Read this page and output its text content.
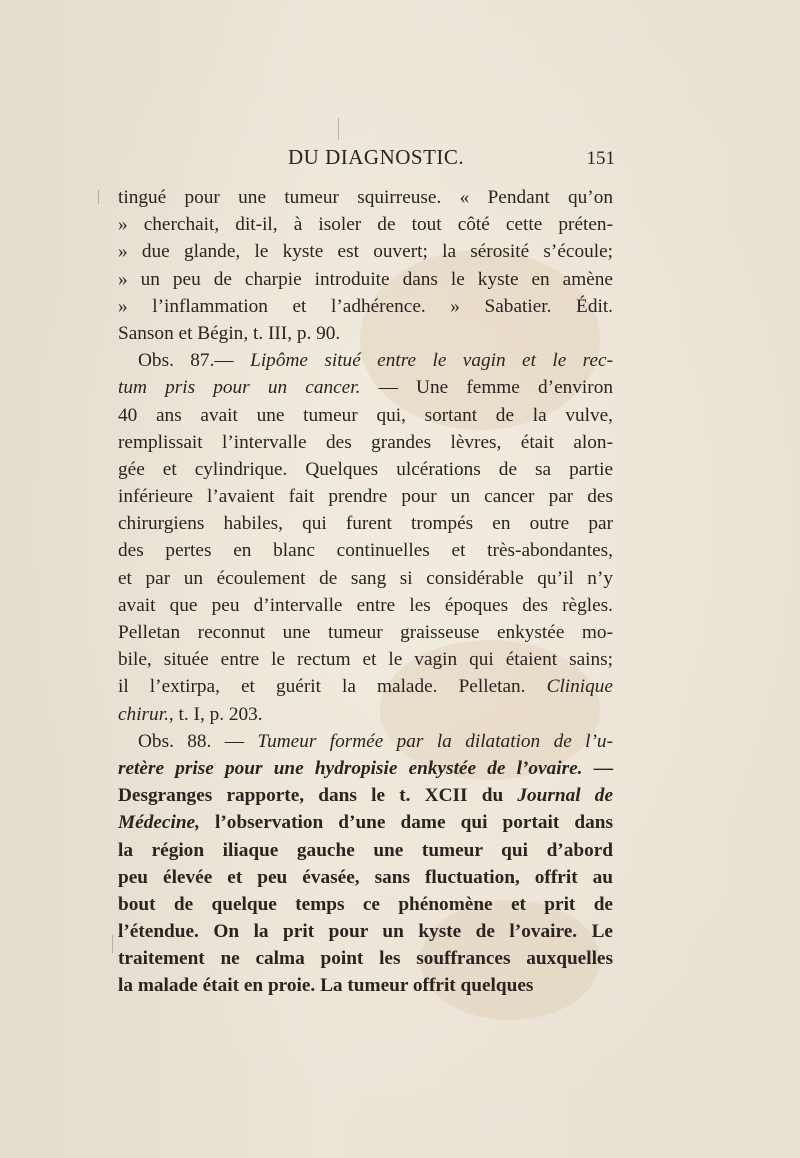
DU DIAGNOSTIC.	151
tingué pour une tumeur squirreuse. « Pendant qu’on
» cherchait, dit-il, à isoler de tout côté cette préten-
» due glande, le kyste est ouvert; la sérosité s’écoule;
» un peu de charpie introduite dans le kyste en amène
» l’inflammation et l’adhérence. » Sabatier. Édit.
Sanson et Bégin, t. III, p. 90.
Obs. 87.— Lipôme situé entre le vagin et le rec-
tum pris pour un cancer. — Une femme d’environ
40 ans avait une tumeur qui, sortant de la vulve,
remplissait l’intervalle des grandes lèvres, était alon-
gée et cylindrique. Quelques ulcérations de sa partie
inférieure l’avaient fait prendre pour un cancer par des
chirurgiens habiles, qui furent trompés en outre par
des pertes en blanc continuelles et très-abondantes,
et par un écoulement de sang si considérable qu’il n’y
avait que peu d’intervalle entre les époques des règles.
Pelletan reconnut une tumeur graisseuse enkystée mo-
bile, située entre le rectum et le vagin qui étaient sains;
il l’extirpa, et guérit la malade. Pelletan. Clinique
chirur., t. I, p. 203.
Obs. 88. — Tumeur formée par la dilatation de l’u-
retère prise pour une hydropisie enkystée de l’ovaire. —
Desgranges rapporte, dans le t. XCII du Journal de
Médecine, l’observation d’une dame qui portait dans
la région iliaque gauche une tumeur qui d’abord
peu élevée et peu évasée, sans fluctuation, offrit au
bout de quelque temps ce phénomène et prit de
l’étendue. On la prit pour un kyste de l’ovaire. Le
traitement ne calma point les souffrances auxquelles
la malade était en proie. La tumeur offrit quelques
